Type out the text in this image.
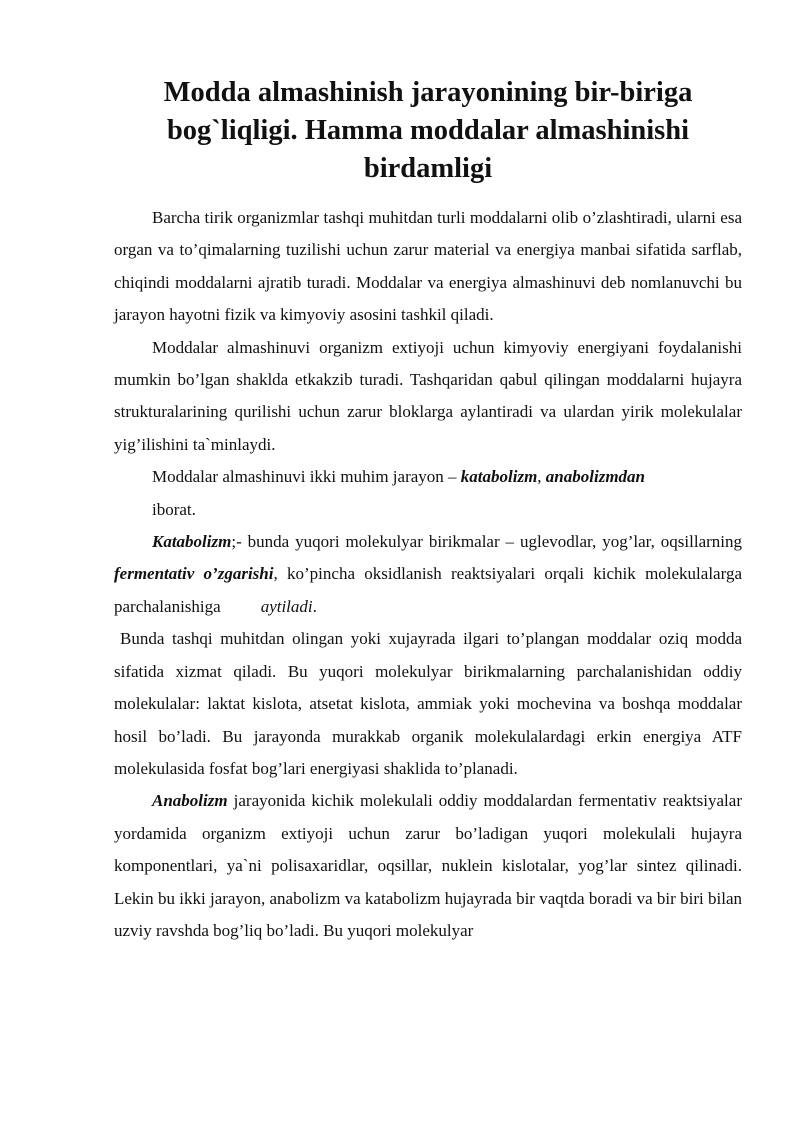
Modda almashinish jarayonining bir-biriga bog`liqligi. Hamma moddalar almashinishi birdamligi

Barcha tirik organizmlar tashqi muhitdan turli moddalarni olib o’zlashtiradi, ularni esa organ va to’qimalarning tuzilishi uchun zarur material va energiya manbai sifatida sarflab, chiqindi moddalarni ajratib turadi. Moddalar va energiya almashinuvi deb nomlanuvchi bu jarayon hayotni fizik va kimyoviy asosini tashkil qiladi.

Moddalar almashinuvi organizm extiyoji uchun kimyoviy energiyani foydalanishi mumkin bo’lgan shaklda etkakzib turadi. Tashqaridan qabul qilingan moddalarni hujayra strukturalarining qurilishi uchun zarur bloklarga aylantiradi va ulardan yirik molekulalar yig’ilishini ta`minlaydi.

Moddalar almashinuvi ikki muhim jarayon – katabolizm, anabolizmdan
iborat.

Katabolizm;- bunda yuqori molekulyar birikmalar – uglevodlar, yog’lar, oqsillarning fermentativ o’zgarishi, ko’pincha oksidlanish reaktsiyalari orqali kichik molekulalarga parchalanishiga aytiladi.

Bunda tashqi muhitdan olingan yoki xujayrada ilgari to’plangan moddalar oziq modda sifatida xizmat qiladi. Bu yuqori molekulyar birikmalarning parchalanishidan oddiy molekulalar: laktat kislota, atsetat kislota, ammiak yoki mochevina va boshqa moddalar hosil bo’ladi. Bu jarayonda murakkab organik molekulalardagi erkin energiya ATF molekulasida fosfat bog’lari energiyasi shaklida to’planadi.

Anabolizm jarayonida kichik molekulali oddiy moddalardan fermentativ reaktsiyalar yordamida organizm extiyoji uchun zarur bo’ladigan yuqori molekulali hujayra komponentlari, ya`ni polisaxaridlar, oqsillar, nuklein kislotalar, yog’lar sintez qilinadi. Lekin bu ikki jarayon, anabolizm va katabolizm hujayrada bir vaqtda boradi va bir biri bilan uzviy ravshda bog’liq bo’ladi. Bu yuqori molekulyar
